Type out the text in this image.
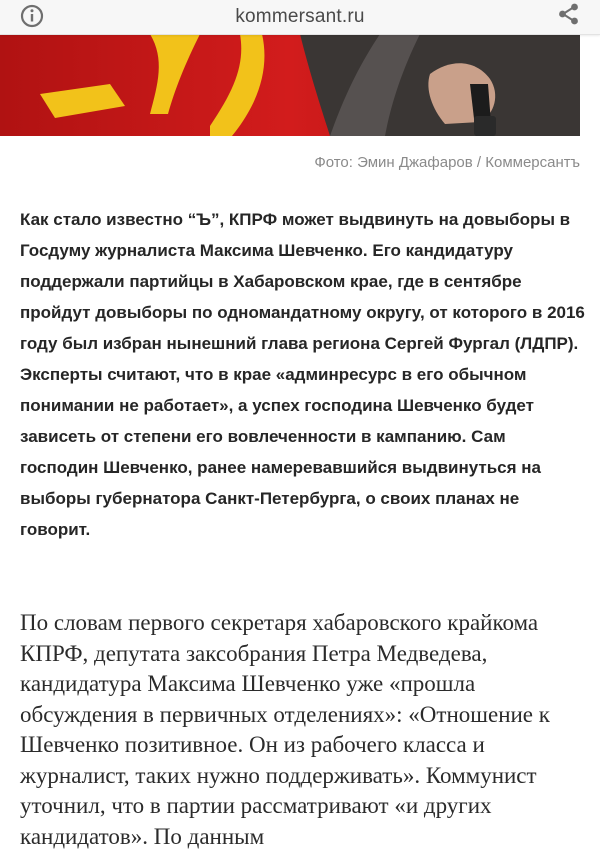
kommersant.ru
Фото: Эмин Джафаров / Коммерсантъ
Как стало известно “Ъ”, КПРФ может выдвинуть на довыборы в Госдуму журналиста Максима Шевченко. Его кандидатуру поддержали партийцы в Хабаровском крае, где в сентябре пройдут довыборы по одномандатному округу, от которого в 2016 году был избран нынешний глава региона Сергей Фургал (ЛДПР). Эксперты считают, что в крае «админресурс в его обычном понимании не работает», а успех господина Шевченко будет зависеть от степени его вовлеченности в кампанию. Сам господин Шевченко, ранее намеревавшийся выдвинуться на выборы губернатора Санкт-Петербурга, о своих планах не говорит.
По словам первого секретаря хабаровского крайкома КПРФ, депутата заксобрания Петра Медведева, кандидатура Максима Шевченко уже «прошла обсуждения в первичных отделениях»: «Отношение к Шевченко позитивное. Он из рабочего класса и журналист, таких нужно поддерживать». Коммунист уточнил, что в партии рассматривают «и других кандидатов». По данным
